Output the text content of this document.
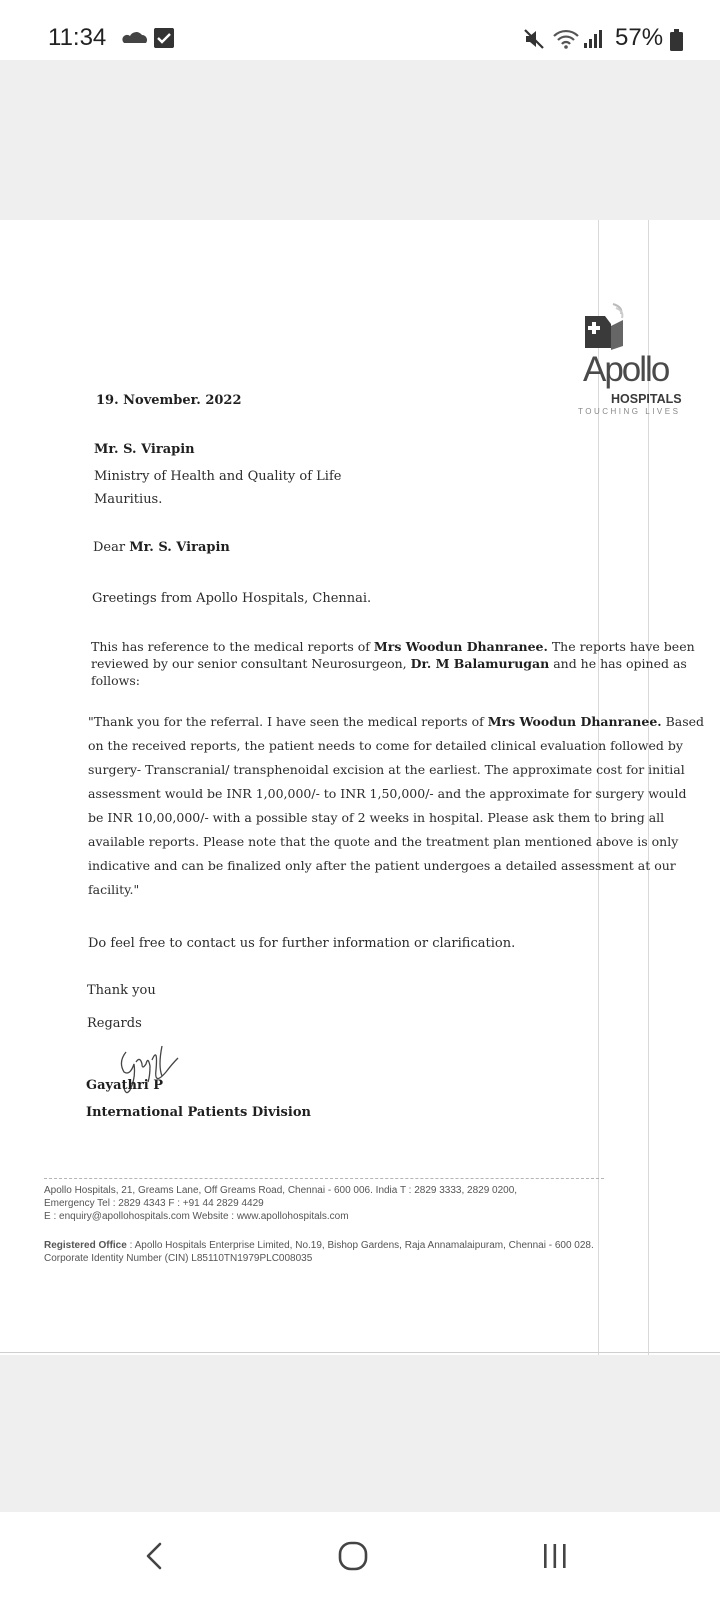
11:34	57%
Apollo
HOSPITALS
TOUCHING LIVES
19. November. 2022
Mr. S. Virapin
Ministry of Health and Quality of Life
Mauritius.
Dear Mr. S. Virapin
Greetings from Apollo Hospitals, Chennai.
This has reference to the medical reports of Mrs Woodun Dhanranee. The reports have been
reviewed by our senior consultant Neurosurgeon, Dr. M Balamurugan and he has opined as
follows:
"Thank you for the referral. I have seen the medical reports of Mrs Woodun Dhanranee. Based
on the received reports, the patient needs to come for detailed clinical evaluation followed by
surgery- Transcranial/ transphenoidal excision at the earliest. The approximate cost for initial
assessment would be INR 1,00,000/- to INR 1,50,000/- and the approximate for surgery would
be INR 10,00,000/- with a possible stay of 2 weeks in hospital. Please ask them to bring all
available reports. Please note that the quote and the treatment plan mentioned above is only
indicative and can be finalized only after the patient undergoes a detailed assessment at our
facility."
Do feel free to contact us for further information or clarification.
Thank you
Regards
Gayathri P
International Patients Division
Apollo Hospitals, 21, Greams Lane, Off Greams Road, Chennai - 600 006. India T : 2829 3333, 2829 0200,
Emergency Tel : 2829 4343 F : +91 44 2829 4429
E : enquiry@apollohospitals.com Website : www.apollohospitals.com
Registered Office : Apollo Hospitals Enterprise Limited, No.19, Bishop Gardens, Raja Annamalaipuram, Chennai - 600 028.
Corporate Identity Number (CIN) L85110TN1979PLC008035
